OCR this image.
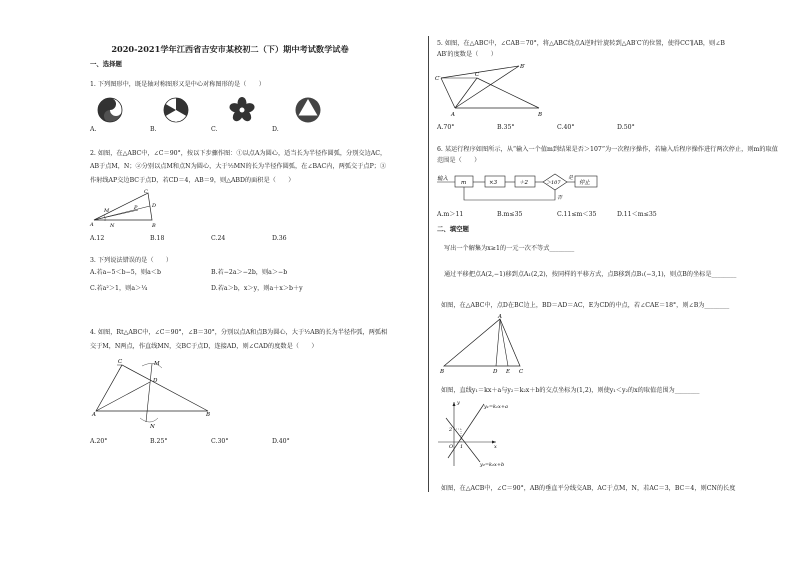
2020-2021学年江西省吉安市某校初二（下）期中考试数学试卷
一、选择题
1. 下列图形中，既是轴对称图形又是中心对称图形的是（　　）
A.	B.	C.	D.
2. 如图，在△ABC中，∠C＝90°，按以下步骤作图：①以点A为圆心，适当长为半径作圆弧，分别交边AC，
AB于点M，N；②分别以点M和点N为圆心，大于½MN的长为半径作圆弧，在∠BAC内，两弧交于点P；③
作射线AP交边BC于点D，若CD＝4，AB＝9，则△ABD的面积是（　　）
C
D
P
M
A	N	B
A.12	B.18	C.24	D.36
3. 下列说法错误的是（　　）
A.若a−5＜b−5，则a＜b	B.若−2a＞−2b，则a＞−b
C.若a²＞1，则a＞¼	D.若a＞b，x＞y，则a＋x＞b＋y
4. 如图，Rt△ABC中，∠C＝90°，∠B＝30°，分别以点A和点B为圆心，大于½AB的长为半径作弧，两弧相
交于M，N两点，作直线MN，交BC于点D，连接AD，则∠CAD的度数是（　　）
C	M
D
A	B
N
A.20°	B.25°	C.30°	D.40°
5. 如图，在△ABC中，∠CAB＝70°，将△ABC绕点A逆时针旋转到△AB′C′的位置，使得CC′∥AB，则∠B
AB′的度数是（　　）
B′
C′
C
A	B
A.70°	B.35°	C.40°	D.50°
6. 某运行程序如图所示，从“输入一个值m到结果是否＞107”为一次程序操作，若输入后程序操作进行两次停止，则m的取值
范围是（　　）
输入
m	×3	＋2	＞107
是
停止
否
A.m＞11	B.m≤35	C.11≤m＜35	D.11＜m≤35
二、填空题
写出一个解集为x≥1的一元一次不等式________
通过平移把点A(2,−1)移到点A₁(2,2)，按同样的平移方式，点B移到点B₁(−3,1)，则点B的坐标是________
如图，在△ABC中，点D在BC边上，BD＝AD＝AC，E为CD的中点，若∠CAE＝18°，则∠B为________
A
B	D E C
如图，直线y₁＝kx＋a与y₂＝k₂x＋b的交点坐标为(1,2)，则使y₁＜y₂的x的取值范围为________
y
y₁=k₁x+a
2
O 1	x
y₂=k₂x+b
如图，在△ACB中，∠C＝90°，AB的垂直平分线交AB，AC于点M，N，若AC＝3，BC＝4，则CN的长度
